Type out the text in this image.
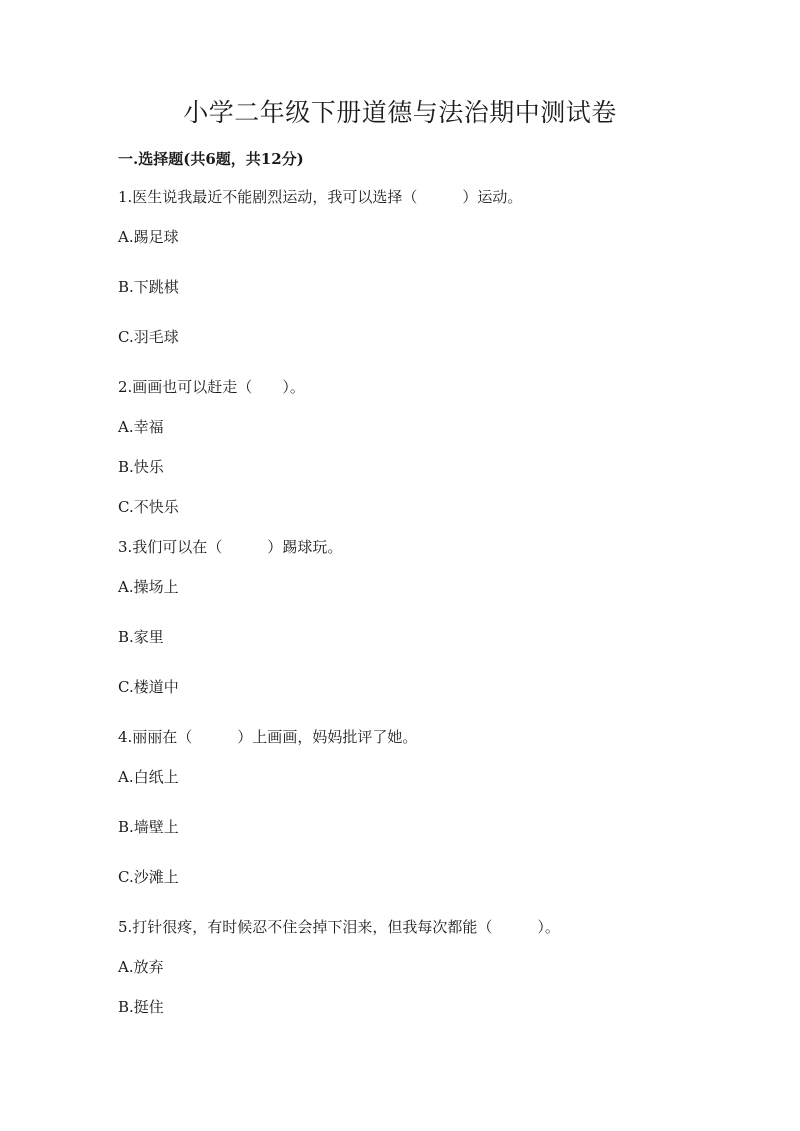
小学二年级下册道德与法治期中测试卷
一.选择题(共6题，共12分)
1.医生说我最近不能剧烈运动，我可以选择（　　　）运动。
A.踢足球
B.下跳棋
C.羽毛球
2.画画也可以赶走（　　）。
A.幸福
B.快乐
C.不快乐
3.我们可以在（　　　）踢球玩。
A.操场上
B.家里
C.楼道中
4.丽丽在（　　　）上画画，妈妈批评了她。
A.白纸上
B.墙壁上
C.沙滩上
5.打针很疼，有时候忍不住会掉下泪来，但我每次都能（　　　）。
A.放弃
B.挺住
